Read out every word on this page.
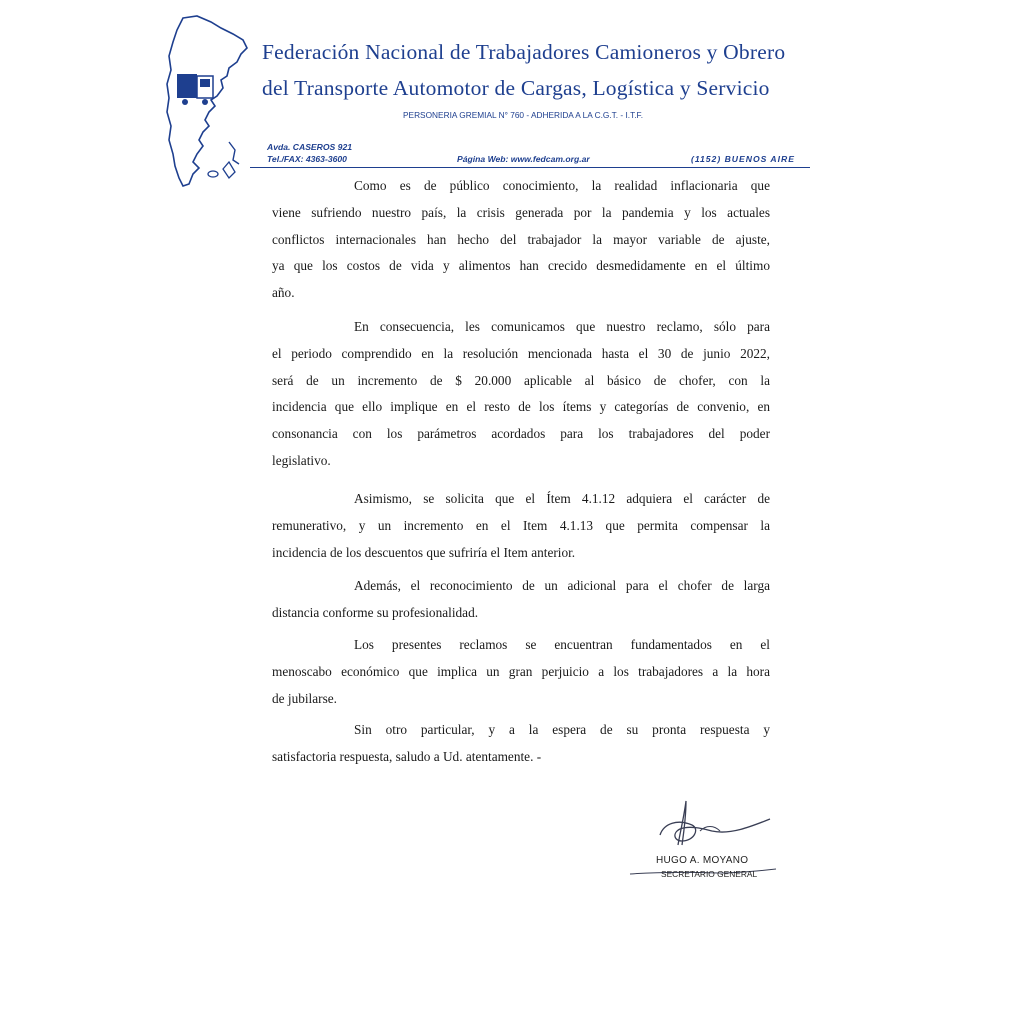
Federación Nacional de Trabajadores Camioneros y Obrero
del Transporte Automotor de Cargas, Logística y Servicio
PERSONERIA GREMIAL N° 760 - ADHERIDA A LA C.G.T. - I.T.F.
Avda. CASEROS 921
Tel./FAX: 4363-3600	Página Web: www.fedcam.org.ar	(1152) BUENOS AIRE
Como es de público conocimiento, la realidad inflacionaria que
viene sufriendo nuestro país, la crisis generada por la pandemia y los actuales
conflictos internacionales han hecho del trabajador la mayor variable de ajuste,
ya que los costos de vida y alimentos han crecido desmedidamente en el último
año.
En consecuencia, les comunicamos que nuestro reclamo, sólo para
el periodo comprendido en la resolución mencionada hasta el 30 de junio 2022,
será de un incremento de $ 20.000 aplicable al básico de chofer, con la
incidencia que ello implique en el resto de los ítems y categorías de convenio, en
consonancia con los parámetros acordados para los trabajadores del poder
legislativo.
Asimismo, se solicita que el Ítem 4.1.12 adquiera el carácter de
remunerativo, y un incremento en el Item 4.1.13 que permita compensar la
incidencia de los descuentos que sufriría el Item anterior.
Además, el reconocimiento de un adicional para el chofer de larga
distancia conforme su profesionalidad.
Los presentes reclamos se encuentran fundamentados en el
menoscabo económico que implica un gran perjuicio a los trabajadores a la hora
de jubilarse.
Sin otro particular, y a la espera de su pronta respuesta y
satisfactoria respuesta, saludo a Ud. atentamente. -
HUGO A. MOYANO
SECRETARIO GENERAL
